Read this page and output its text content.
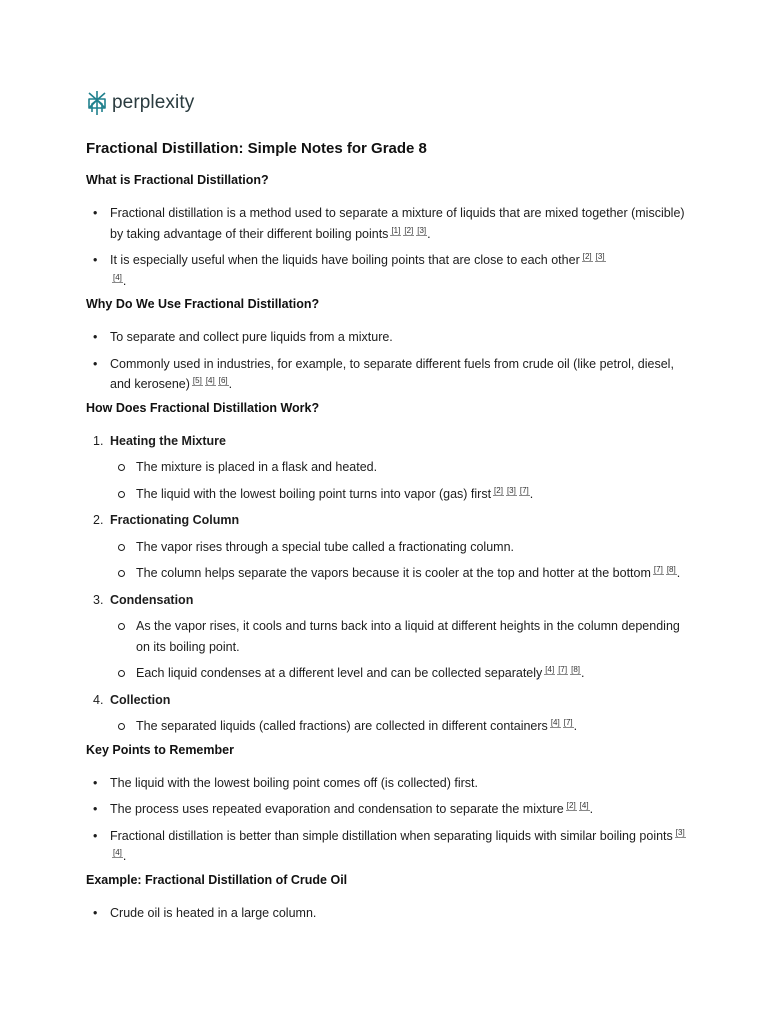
perplexity
Fractional Distillation: Simple Notes for Grade 8
What is Fractional Distillation?
• Fractional distillation is a method used to separate a mixture of liquids that are mixed together (miscible) by taking advantage of their different boiling points [1] [2] [3].
• It is especially useful when the liquids have boiling points that are close to each other [2] [3]
[4].
Why Do We Use Fractional Distillation?
• To separate and collect pure liquids from a mixture.
• Commonly used in industries, for example, to separate different fuels from crude oil (like petrol, diesel, and kerosene) [5] [4] [6].
How Does Fractional Distillation Work?
1. Heating the Mixture
The mixture is placed in a flask and heated.
The liquid with the lowest boiling point turns into vapor (gas) first [2] [3] [7].
2. Fractionating Column
The vapor rises through a special tube called a fractionating column.
The column helps separate the vapors because it is cooler at the top and hotter at the bottom [7] [8].
3. Condensation
As the vapor rises, it cools and turns back into a liquid at different heights in the column depending on its boiling point.
Each liquid condenses at a different level and can be collected separately [4] [7] [8].
4. Collection
The separated liquids (called fractions) are collected in different containers [4] [7].
Key Points to Remember
• The liquid with the lowest boiling point comes off (is collected) first.
• The process uses repeated evaporation and condensation to separate the mixture [2] [4].
• Fractional distillation is better than simple distillation when separating liquids with similar boiling points [3][4].
Example: Fractional Distillation of Crude Oil
• Crude oil is heated in a large column.
